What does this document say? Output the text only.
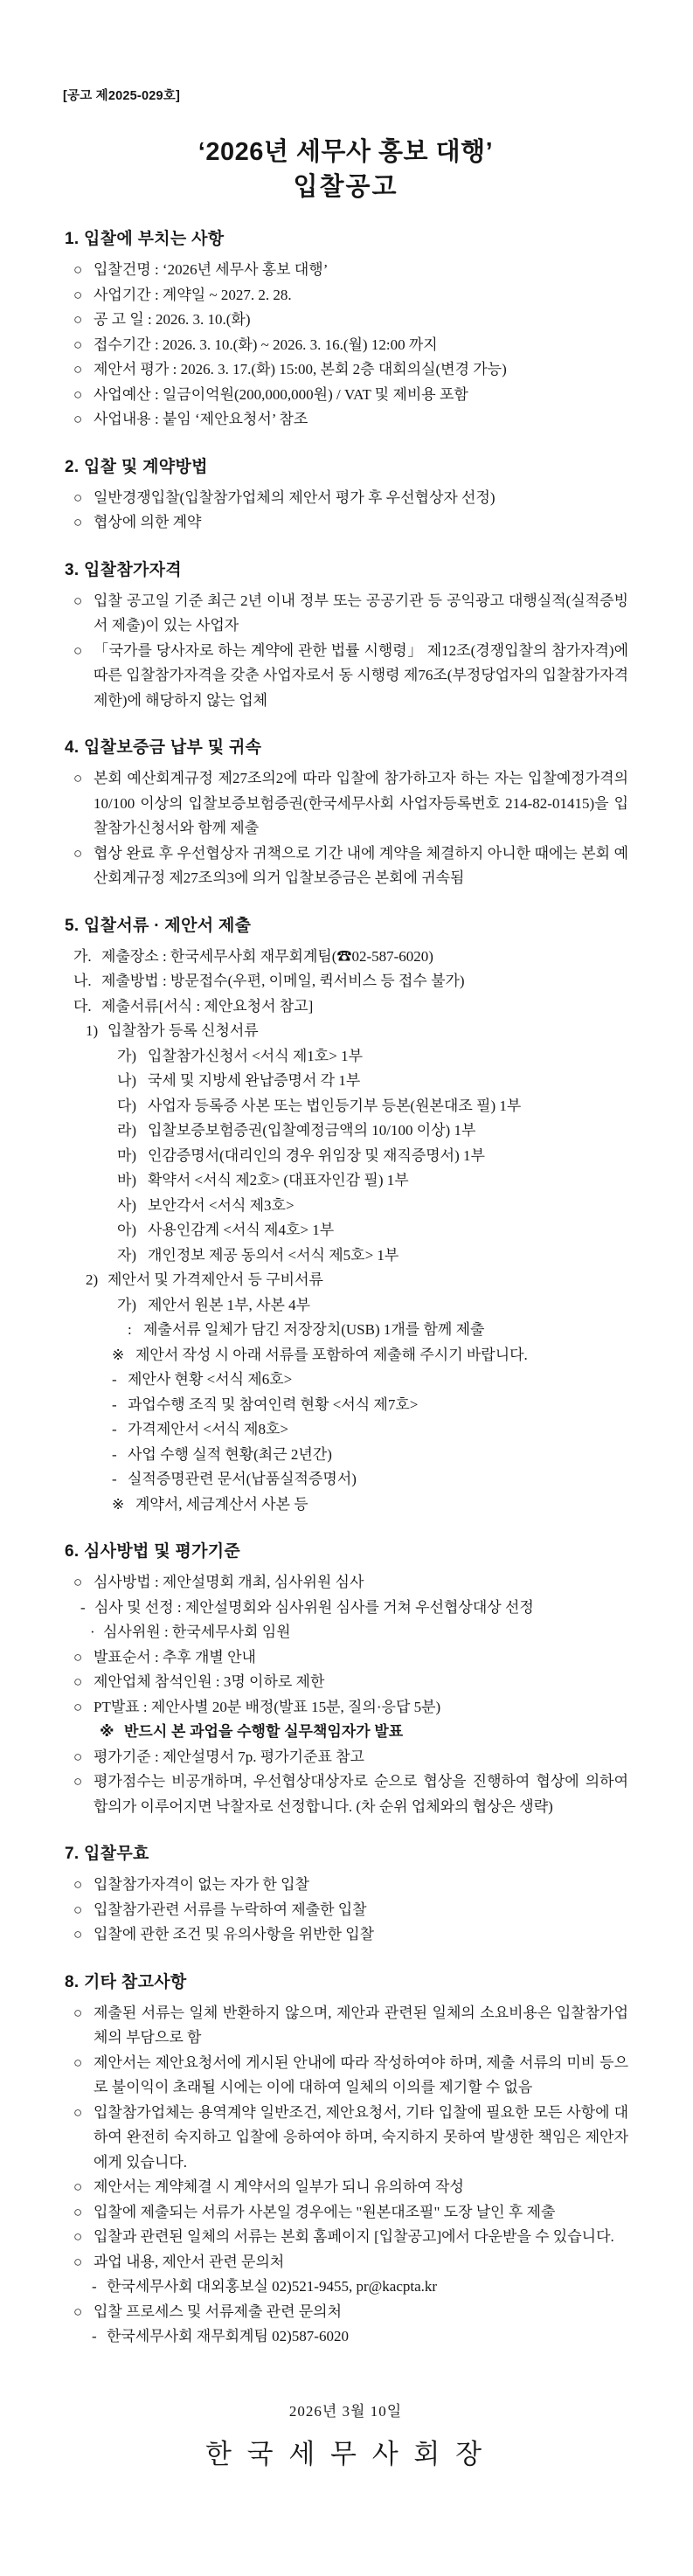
[공고 제2025-029호]
‘2026년 세무사 홍보 대행’
입찰공고
1. 입찰에 부치는 사항
○ 입찰건명 : ‘2026년 세무사 홍보 대행’
○ 사업기간 : 계약일 ~ 2027. 2. 28.
○ 공 고 일 : 2026. 3. 10.(화)
○ 접수기간 : 2026. 3. 10.(화) ~ 2026. 3. 16.(월) 12:00 까지
○ 제안서 평가 : 2026. 3. 17.(화) 15:00, 본회 2층 대회의실(변경 가능)
○ 사업예산 : 일금이억원(200,000,000원) / VAT 및 제비용 포함
○ 사업내용 : 붙임 ‘제안요청서’ 참조
2. 입찰 및 계약방법
○ 일반경쟁입찰(입찰참가업체의 제안서 평가 후 우선협상자 선정)
○ 협상에 의한 계약
3. 입찰참가자격
○ 입찰 공고일 기준 최근 2년 이내 정부 또는 공공기관 등 공익광고 대행실적(실적증빙서 제출)이 있는 사업자
○ 「국가를 당사자로 하는 계약에 관한 법률 시행령」 제12조(경쟁입찰의 참가자격)에 따른 입찰참가자격을 갖춘 사업자로서 동 시행령 제76조(부정당업자의 입찰참가자격 제한)에 해당하지 않는 업체
4. 입찰보증금 납부 및 귀속
○ 본회 예산회계규정 제27조의2에 따라 입찰에 참가하고자 하는 자는 입찰예정가격의 10/100 이상의 입찰보증보험증권(한국세무사회 사업자등록번호 214-82-01415)을 입찰참가신청서와 함께 제출
○ 협상 완료 후 우선협상자 귀책으로 기간 내에 계약을 체결하지 아니한 때에는 본회 예산회계규정 제27조의3에 의거 입찰보증금은 본회에 귀속됨
5. 입찰서류 · 제안서 제출
가. 제출장소 : 한국세무사회 재무회계팀(☎02-587-6020)
나. 제출방법 : 방문접수(우편, 이메일, 퀵서비스 등 접수 불가)
다. 제출서류[서식 : 제안요청서 참고]
1) 입찰참가 등록 신청서류
가) 입찰참가신청서 <서식 제1호> 1부
나) 국세 및 지방세 완납증명서 각 1부
다) 사업자 등록증 사본 또는 법인등기부 등본(원본대조 필) 1부
라) 입찰보증보험증권(입찰예정금액의 10/100 이상) 1부
마) 인감증명서(대리인의 경우 위임장 및 재직증명서) 1부
바) 확약서 <서식 제2호> (대표자인감 필) 1부
사) 보안각서 <서식 제3호>
아) 사용인감계 <서식 제4호> 1부
자) 개인정보 제공 동의서 <서식 제5호> 1부
2) 제안서 및 가격제안서 등 구비서류
가) 제안서 원본 1부, 사본 4부
: 제출서류 일체가 담긴 저장장치(USB) 1개를 함께 제출
※ 제안서 작성 시 아래 서류를 포함하여 제출해 주시기 바랍니다.
- 제안사 현황 <서식 제6호>
- 과업수행 조직 및 참여인력 현황 <서식 제7호>
- 가격제안서 <서식 제8호>
- 사업 수행 실적 현황(최근 2년간)
- 실적증명관련 문서(납품실적증명서)
※ 계약서, 세금계산서 사본 등
6. 심사방법 및 평가기준
○ 심사방법 : 제안설명회 개최, 심사위원 심사
- 심사 및 선정 : 제안설명회와 심사위원 심사를 거쳐 우선협상대상 선정
· 심사위원 : 한국세무사회 임원
○ 발표순서 : 추후 개별 안내
○ 제안업체 참석인원 : 3명 이하로 제한
○ PT발표 : 제안사별 20분 배정(발표 15분, 질의·응답 5분)
※ 반드시 본 과업을 수행할 실무책임자가 발표
○ 평가기준 : 제안설명서 7p. 평가기준표 참고
○ 평가점수는 비공개하며, 우선협상대상자로 순으로 협상을 진행하여 협상에 의하여 합의가 이루어지면 낙찰자로 선정합니다. (차 순위 업체와의 협상은 생략)
7. 입찰무효
○ 입찰참가자격이 없는 자가 한 입찰
○ 입찰참가관련 서류를 누락하여 제출한 입찰
○ 입찰에 관한 조건 및 유의사항을 위반한 입찰
8. 기타 참고사항
○ 제출된 서류는 일체 반환하지 않으며, 제안과 관련된 일체의 소요비용은 입찰참가업체의 부담으로 함
○ 제안서는 제안요청서에 게시된 안내에 따라 작성하여야 하며, 제출 서류의 미비 등으로 불이익이 초래될 시에는 이에 대하여 일체의 이의를 제기할 수 없음
○ 입찰참가업체는 용역계약 일반조건, 제안요청서, 기타 입찰에 필요한 모든 사항에 대하여 완전히 숙지하고 입찰에 응하여야 하며, 숙지하지 못하여 발생한 책임은 제안자에게 있습니다.
○ 제안서는 계약체결 시 계약서의 일부가 되니 유의하여 작성
○ 입찰에 제출되는 서류가 사본일 경우에는 "원본대조필" 도장 날인 후 제출
○ 입찰과 관련된 일체의 서류는 본회 홈페이지 [입찰공고]에서 다운받을 수 있습니다.
○ 과업 내용, 제안서 관련 문의처
- 한국세무사회 대외홍보실 02)521-9455, pr@kacpta.kr
○ 입찰 프로세스 및 서류제출 관련 문의처
- 한국세무사회 재무회계팀 02)587-6020
2026년 3월 10일
한 국 세 무 사 회 장
